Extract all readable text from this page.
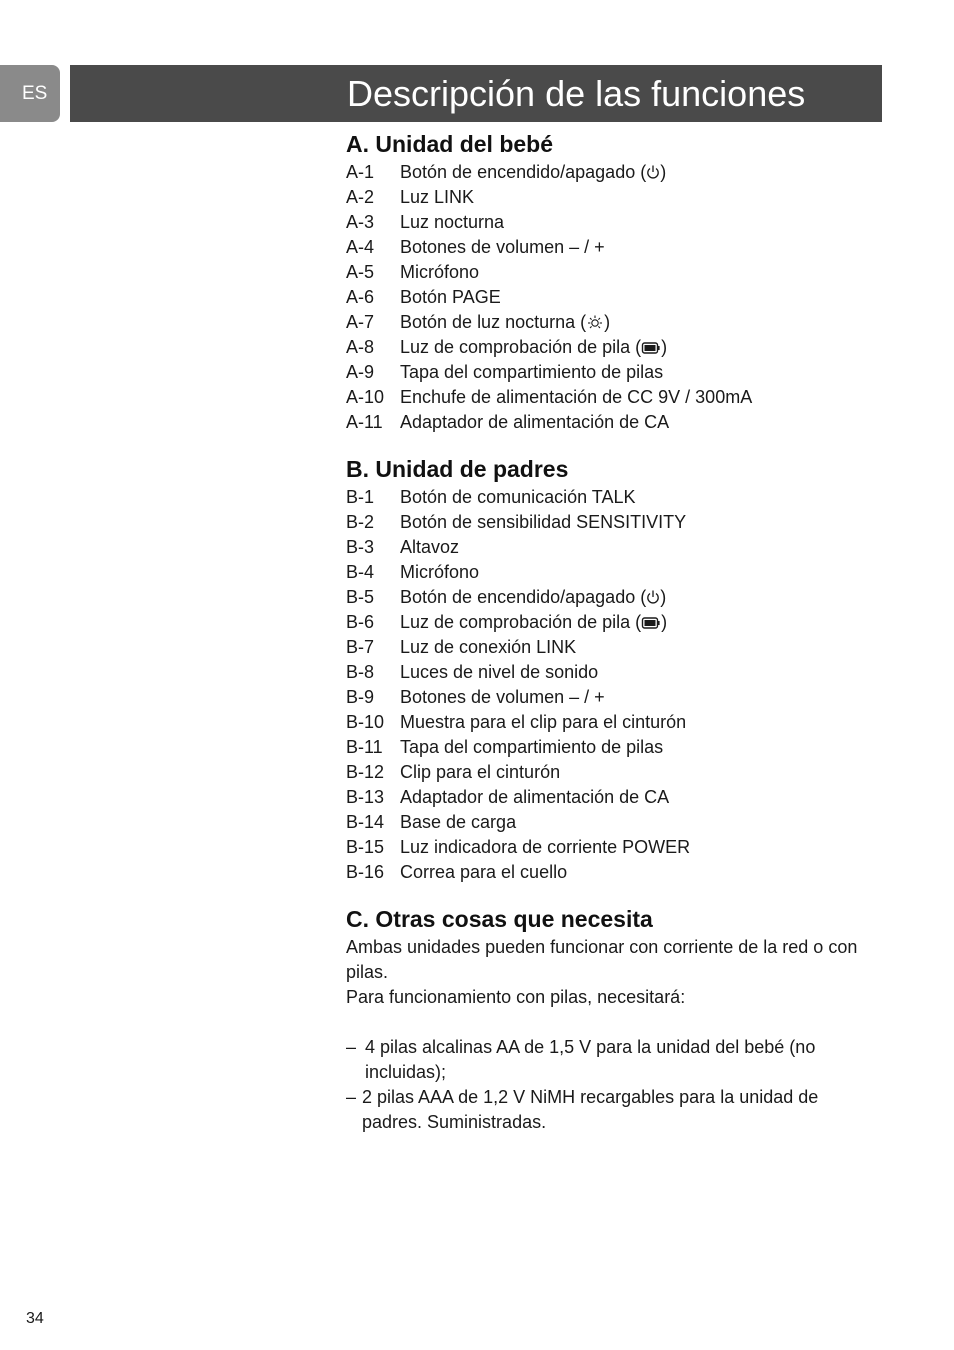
ES	Descripción de las funciones
A. Unidad del bebé
A-1	Botón de encendido/apagado ( )
A-2	Luz LINK
A-3	Luz nocturna
A-4	Botones de volumen – / +
A-5	Micrófono
A-6	Botón PAGE
A-7	Botón de luz nocturna ( )
A-8	Luz de comprobación de pila ( )
A-9	Tapa del compartimiento de pilas
A-10 Enchufe de alimentación de CC 9V / 300mA
A-11 Adaptador de alimentación de CA
B. Unidad de padres
B-1	Botón de comunicación TALK
B-2	Botón de sensibilidad SENSITIVITY
B-3	Altavoz
B-4	Micrófono
B-5	Botón de encendido/apagado ( )
B-6	Luz de comprobación de pila ( )
B-7	Luz de conexión LINK
B-8	Luces de nivel de sonido
B-9	Botones de volumen – / +
B-10 Muestra para el clip para el cinturón
B-11 Tapa del compartimiento de pilas
B-12 Clip para el cinturón
B-13 Adaptador de alimentación de CA
B-14 Base de carga
B-15 Luz indicadora de corriente POWER
B-16 Correa para el cuello
C. Otras cosas que necesita

Ambas unidades pueden funcionar con corriente de la red o con pilas.

Para funcionamiento con pilas, necesitará:

– 4 pilas alcalinas AA de 1,5 V para la unidad del bebé (no incluidas);
– 2 pilas AAA de 1,2 V NiMH recargables para la unidad de padres. Suministradas.
34
